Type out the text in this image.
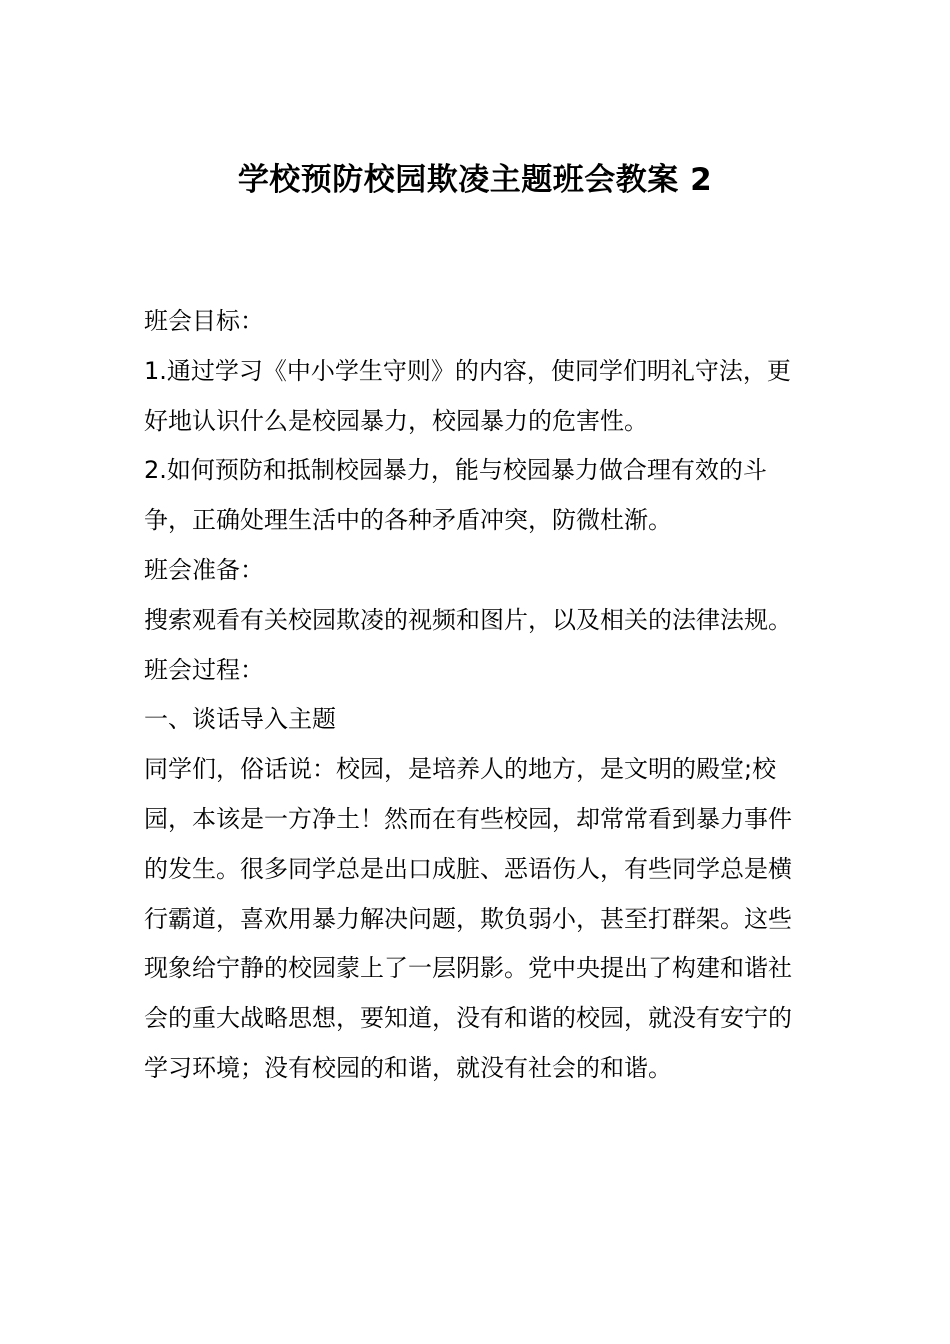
学校预防校园欺凌主题班会教案 2

班会目标：

1.通过学习《中小学生守则》的内容，使同学们明礼守法，更好地认识什么是校园暴力，校园暴力的危害性。

2.如何预防和抵制校园暴力，能与校园暴力做合理有效的斗争，正确处理生活中的各种矛盾冲突，防微杜渐。

班会准备：

搜索观看有关校园欺凌的视频和图片，以及相关的法律法规。

班会过程：

一、谈话导入主题

同学们，俗话说：校园，是培养人的地方，是文明的殿堂;校园，本该是一方净土！然而在有些校园，却常常看到暴力事件的发生。很多同学总是出口成脏、恶语伤人，有些同学总是横行霸道，喜欢用暴力解决问题，欺负弱小，甚至打群架。这些现象给宁静的校园蒙上了一层阴影。党中央提出了构建和谐社会的重大战略思想，要知道，没有和谐的校园，就没有安宁的学习环境；没有校园的和谐，就没有社会的和谐。
